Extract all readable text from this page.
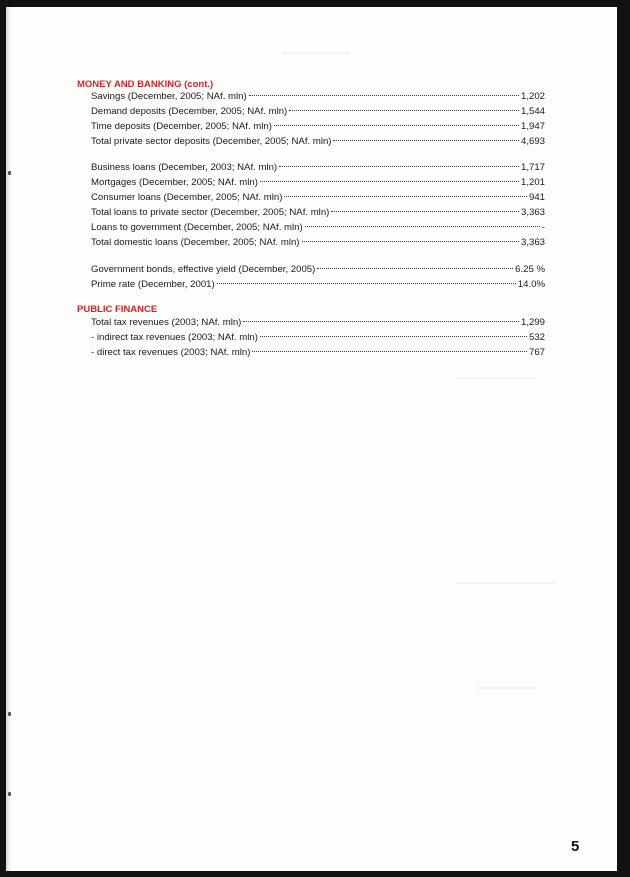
MONEY AND BANKING (cont.)
Savings (December, 2005; NAf. mln)	1,202
Demand deposits (December, 2005; NAf. mln)	1,544
Time deposits (December, 2005; NAf. mln)	1,947
Total private sector deposits (December, 2005; NAf. mln)	4,693
Business loans (December, 2003; NAf. mln)	1,717
Mortgages (December, 2005; NAf. mln)	1,201
Consumer loans (December, 2005; NAf. mln)	941
Total loans to private sector (December, 2005; NAf. mln)	3,363
Loans to government (December, 2005; NAf. mln)	-
Total domestic loans (December, 2005; NAf. mln)	3,363
Government bonds, effective yield (December, 2005)	6.25 %
Prime rate (December, 2001)	14.0%
PUBLIC FINANCE
Total tax revenues (2003; NAf. mln)	1,299
- indirect tax revenues (2003; NAf. mln)	532
- direct tax revenues (2003; NAf. mln)	767
5
